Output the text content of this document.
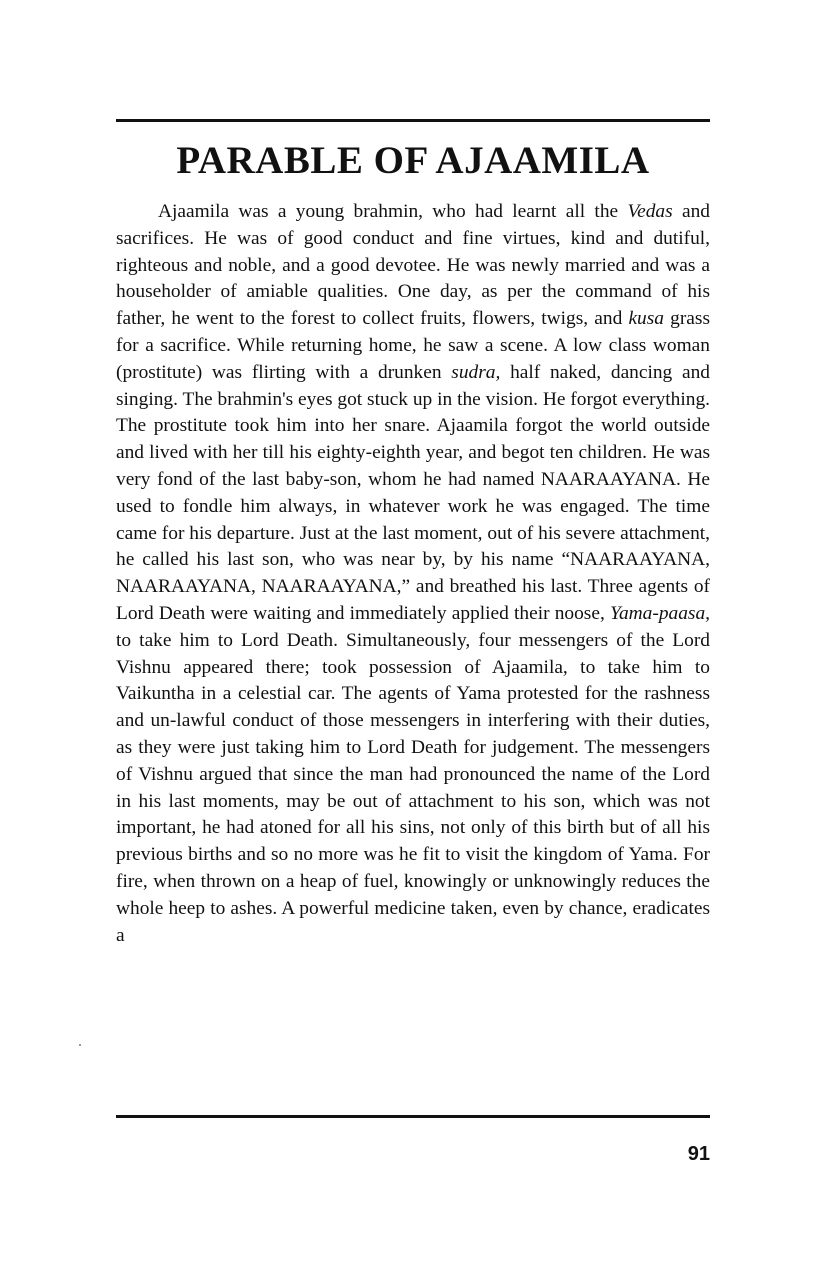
PARABLE OF AJAAMILA

Ajaamila was a young brahmin, who had learnt all the Vedas and sacrifices. He was of good conduct and fine virtues, kind and dutiful, righteous and noble, and a good devotee. He was newly married and was a householder of amiable qualities. One day, as per the command of his father, he went to the forest to collect fruits, flowers, twigs, and kusa grass for a sacrifice. While returning home, he saw a scene. A low class woman (prostitute) was flirting with a drunken sudra, half naked, dancing and singing. The brahmin's eyes got stuck up in the vision. He forgot everything. The prostitute took him into her snare. Ajaamila forgot the world outside and lived with her till his eighty-eighth year, and begot ten children. He was very fond of the last baby-son, whom he had named NAARAAYANA. He used to fondle him always, in whatever work he was engaged. The time came for his departure. Just at the last moment, out of his severe attachment, he called his last son, who was near by, by his name “NAARAAYANA, NAARAAYANA, NAARAAYANA,” and breathed his last. Three agents of Lord Death were waiting and immediately applied their noose, Yama-paasa, to take him to Lord Death. Simultaneously, four messengers of the Lord Vishnu appeared there; took possession of Ajaamila, to take him to Vaikuntha in a celestial car. The agents of Yama protested for the rashness and un-lawful conduct of those messengers in interfering with their duties, as they were just taking him to Lord Death for judgement. The messengers of Vishnu argued that since the man had pronounced the name of the Lord in his last moments, may be out of attachment to his son, which was not important, he had atoned for all his sins, not only of this birth but of all his previous births and so no more was he fit to visit the kingdom of Yama. For fire, when thrown on a heap of fuel, knowingly or unknowingly reduces the whole heep to ashes. A powerful medicine taken, even by chance, eradicates a

91
